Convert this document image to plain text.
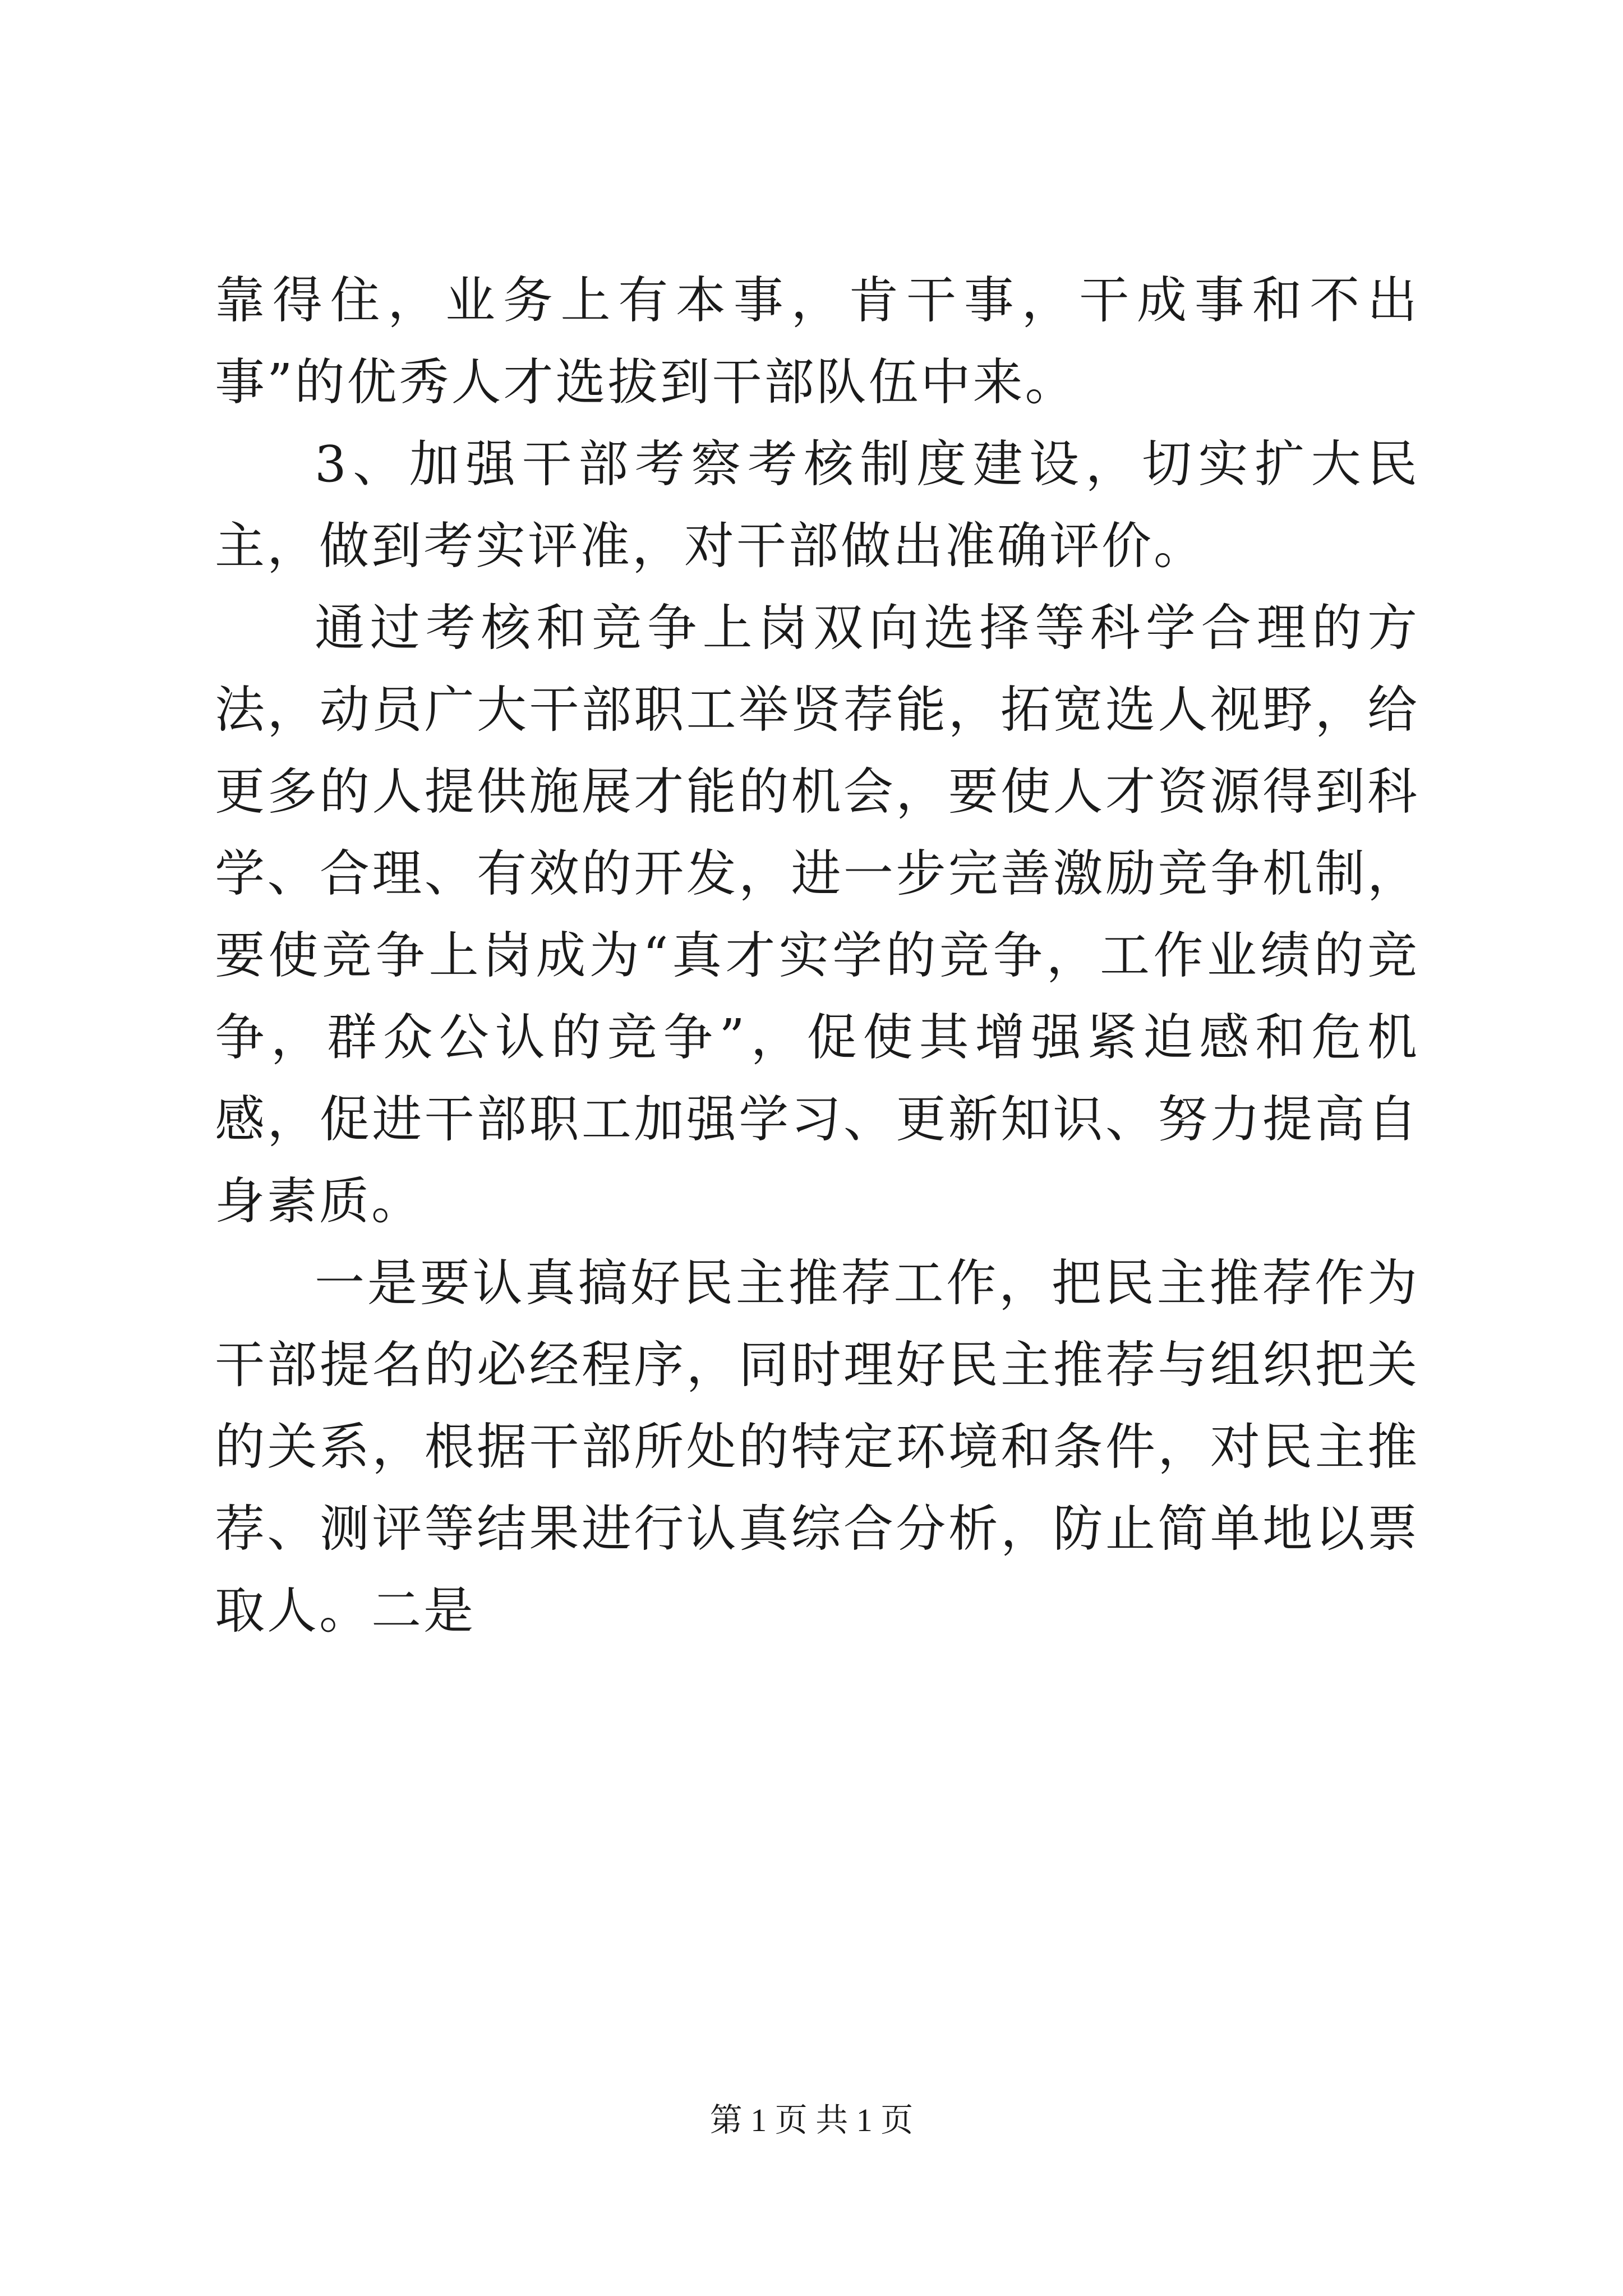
靠得住，业务上有本事，肯干事，干成事和不出事”的优秀人才选拔到干部队伍中来。

3、加强干部考察考核制度建设，切实扩大民主，做到考实评准，对干部做出准确评价。

通过考核和竞争上岗双向选择等科学合理的方法，动员广大干部职工举贤荐能，拓宽选人视野，给更多的人提供施展才能的机会，要使人才资源得到科学、合理、有效的开发，进一步完善激励竞争机制，要使竞争上岗成为“真才实学的竞争，工作业绩的竞争，群众公认的竞争”，促使其增强紧迫感和危机感，促进干部职工加强学习、更新知识、努力提高自身素质。

一是要认真搞好民主推荐工作，把民主推荐作为干部提名的必经程序，同时理好民主推荐与组织把关的关系，根据干部所处的特定环境和条件，对民主推荐、测评等结果进行认真综合分析，防止简单地以票取人。二是

第 1 页 共 1 页
